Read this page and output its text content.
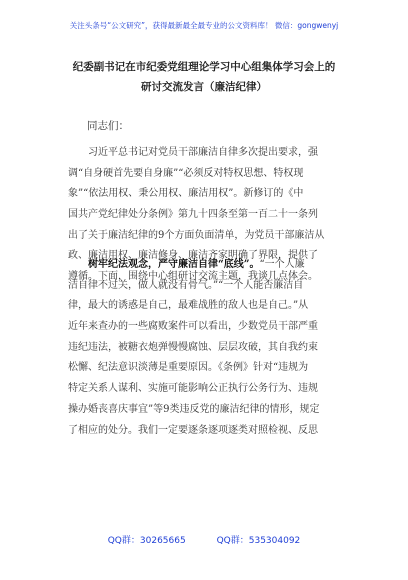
关注头条号“公文研究”，获得最新最全最专业的公文资料库！ 微信：gongwenyj
纪委副书记在市纪委党组理论学习中心组集体学习会上的
研讨交流发言（廉洁纪律）
同志们：
习近平总书记对党员干部廉洁自律多次提出要求，强
调“自身硬首先要自身廉”“必须反对特权思想、特权现
象”“依法用权、秉公用权、廉洁用权”。新修订的《中
国共产党纪律处分条例》第九十四条至第一百二十一条列
出了关于廉洁纪律的9个方面负面清单，为党员干部廉洁从
政、廉洁用权、廉洁修身、廉洁齐家明确了界限，提供了
遵循。下面，围绕中心组研讨交流主题，我谈几点体会。
树牢纪法观念，严守廉洁自律“底线”。“一个人廉
洁自律不过关，做人就没有骨气。”“一个人能否廉洁自
律，最大的诱惑是自己，最难战胜的敌人也是自己。”从
近年来查办的一些腐败案件可以看出，少数党员干部严重
违纪违法，被糖衣炮弹慢慢腐蚀、层层攻破，其自我约束
松懈、纪法意识淡薄是重要原因。《条例》针对“违规为
特定关系人谋利、实施可能影响公正执行公务行为、违规
操办婚丧喜庆事宜”等9类违反党的廉洁纪律的情形，规定
了相应的处分。我们一定要逐条逐项逐类对照检视、反思
QQ群：30265665	QQ群：535304092
